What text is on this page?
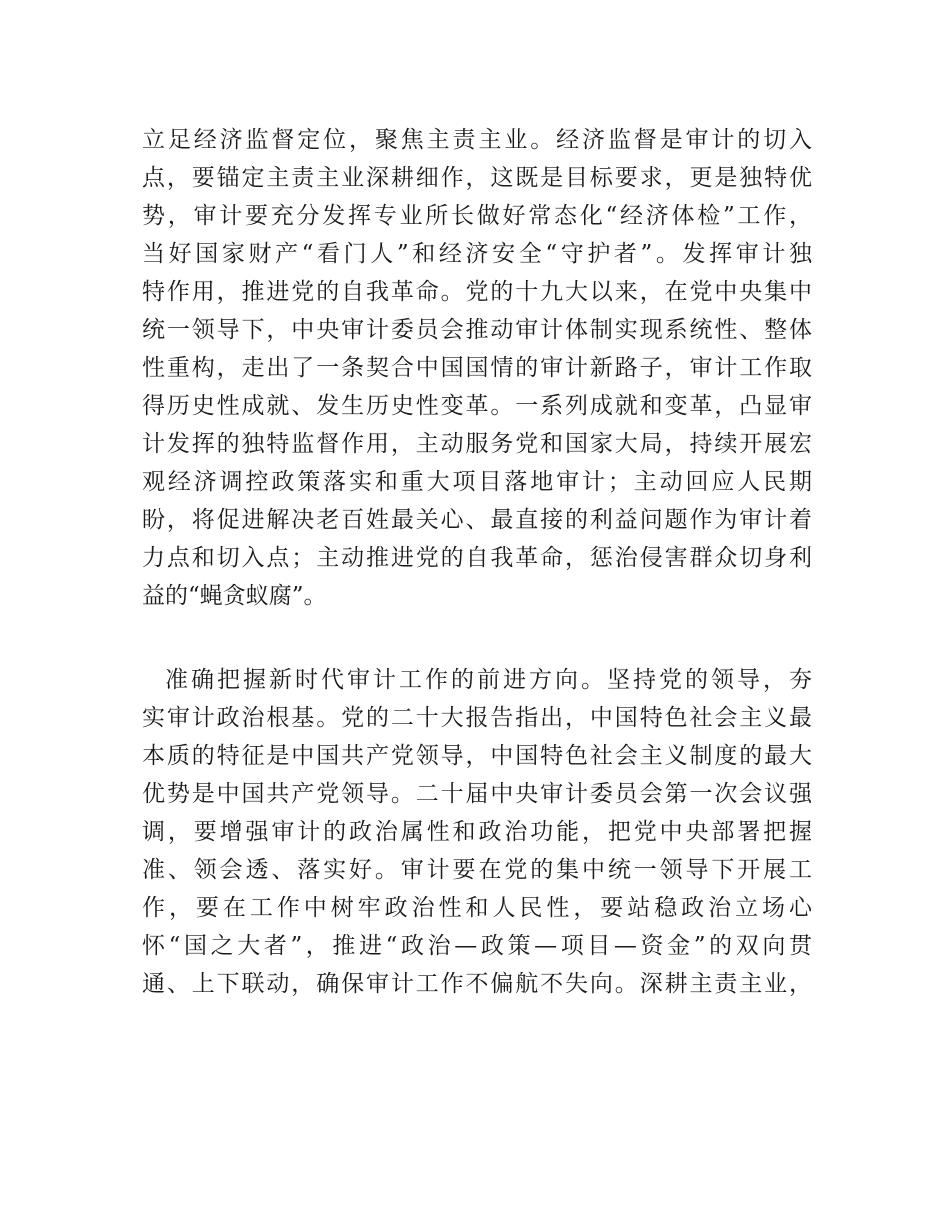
立足经济监督定位，聚焦主责主业。经济监督是审计的切入
点，要锚定主责主业深耕细作，这既是目标要求，更是独特优
势，审计要充分发挥专业所长做好常态化“经济体检”工作，
当好国家财产“看门人”和经济安全“守护者”。发挥审计独
特作用，推进党的自我革命。党的十九大以来，在党中央集中
统一领导下，中央审计委员会推动审计体制实现系统性、整体
性重构，走出了一条契合中国国情的审计新路子，审计工作取
得历史性成就、发生历史性变革。一系列成就和变革，凸显审
计发挥的独特监督作用，主动服务党和国家大局，持续开展宏
观经济调控政策落实和重大项目落地审计；主动回应人民期
盼，将促进解决老百姓最关心、最直接的利益问题作为审计着
力点和切入点；主动推进党的自我革命，惩治侵害群众切身利
益的“蝇贪蚁腐”。
准确把握新时代审计工作的前进方向。坚持党的领导，夯
实审计政治根基。党的二十大报告指出，中国特色社会主义最
本质的特征是中国共产党领导，中国特色社会主义制度的最大
优势是中国共产党领导。二十届中央审计委员会第一次会议强
调，要增强审计的政治属性和政治功能，把党中央部署把握
准、领会透、落实好。审计要在党的集中统一领导下开展工
作，要在工作中树牢政治性和人民性，要站稳政治立场心
怀“国之大者”，推进“政治—政策—项目—资金”的双向贯
通、上下联动，确保审计工作不偏航不失向。深耕主责主业，
